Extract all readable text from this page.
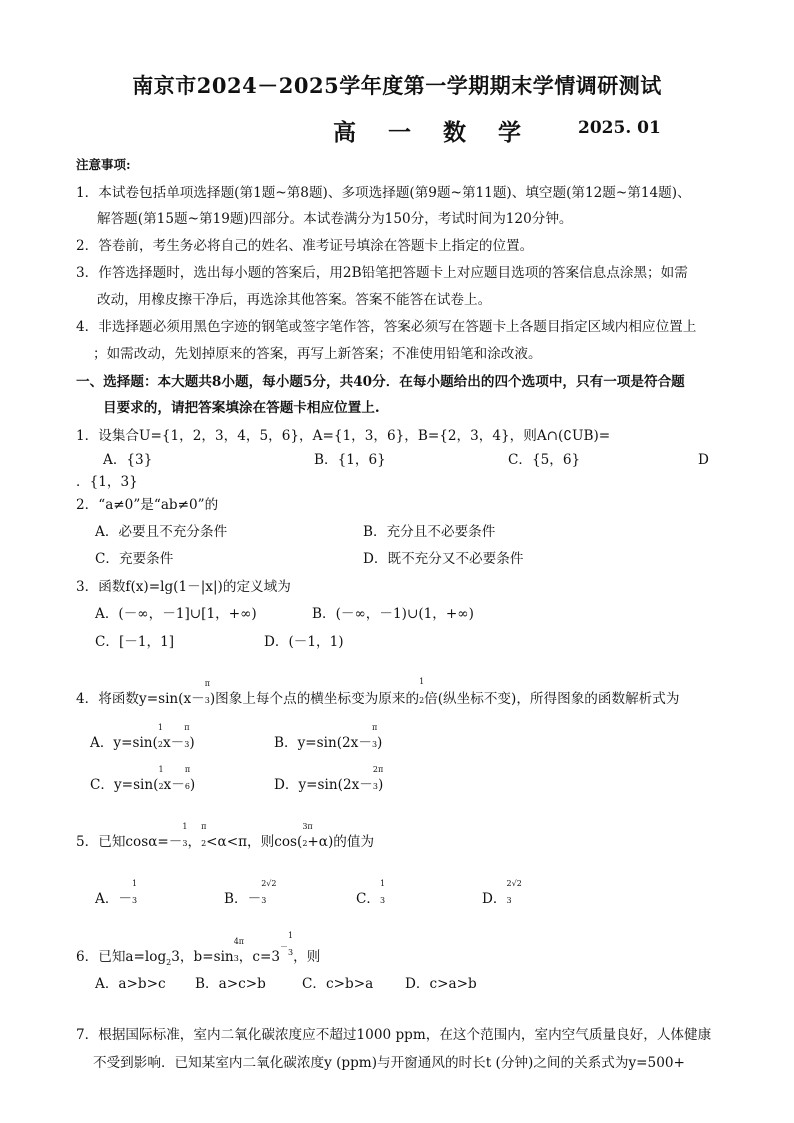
南京市2024－2025学年度第一学期期末学情调研测试
高 一 数 学	2025. 01
注意事项:
1．本试卷包括单项选择题(第1题~第8题)、多项选择题(第9题~第11题)、填空题(第12题~第14题)、
解答题(第15题~第19题)四部分。本试卷满分为150分，考试时间为120分钟。
2．答卷前，考生务必将自己的姓名、准考证号填涂在答题卡上指定的位置。
3．作答选择题时，选出每小题的答案后，用2B铅笔把答题卡上对应题目选项的答案信息点涂黑；如需
改动，用橡皮擦干净后，再选涂其他答案。答案不能答在试卷上。
4．非选择题必须用黑色字迹的钢笔或签字笔作答，答案必须写在答题卡上各题目指定区域内相应位置上
；如需改动，先划掉原来的答案，再写上新答案；不准使用铅笔和涂改液。
一、选择题：本大题共8小题，每小题5分，共40分．在每小题给出的四个选项中，只有一项是符合题
目要求的，请把答案填涂在答题卡相应位置上.
1．设集合U={1，2，3，4，5，6}，A={1，3，6}，B={2，3，4}，则A∩(∁UB)=
A．{3}	B．{1，6}	C．{5，6}	D
．{1，3}
2．“a≠0”是“ab≠0”的
A．必要且不充分条件	B．充分且不必要条件
C．充要条件	D．既不充分又不必要条件
3．函数f(x)=lg(1－|x|)的定义域为
A．(－∞，－1]∪[1，+∞)	B．(－∞，－1)∪(1，+∞)
C．[－1，1]	D．(－1，1)
4．将函数y=sin(x－
π
3)图象上每个点的横坐标变为原来的
1
2倍(纵坐标不变)，所得图象的函数解析式为
A．y=sin(
1
2x－
π
3)	B．y=sin(2x－
π
3)
C．y=sin(
1
2x－
π
6)	D．y=sin(2x－
2π
3)
5．已知cosα=－
1
3，
π
2<α<π，则cos(
3π
2+α)的值为
A．－
1
3	B．－
2√2
3	C．
1
3	D．
2√2
3
6．已知$a=\log_23$，b=sin
4π
3，c=3－
1
$_3$，则
A．a>b>c B．a>c>b	C．c>b>a D．c>a>b
7．根据国际标准，室内二氧化碳浓度应不超过1000 ppm，在这个范围内，室内空气质量良好，人体健康
不受到影响．已知某室内二氧化碳浓度y (ppm)与开窗通风的时长t (分钟)之间的关系式为y=500+
